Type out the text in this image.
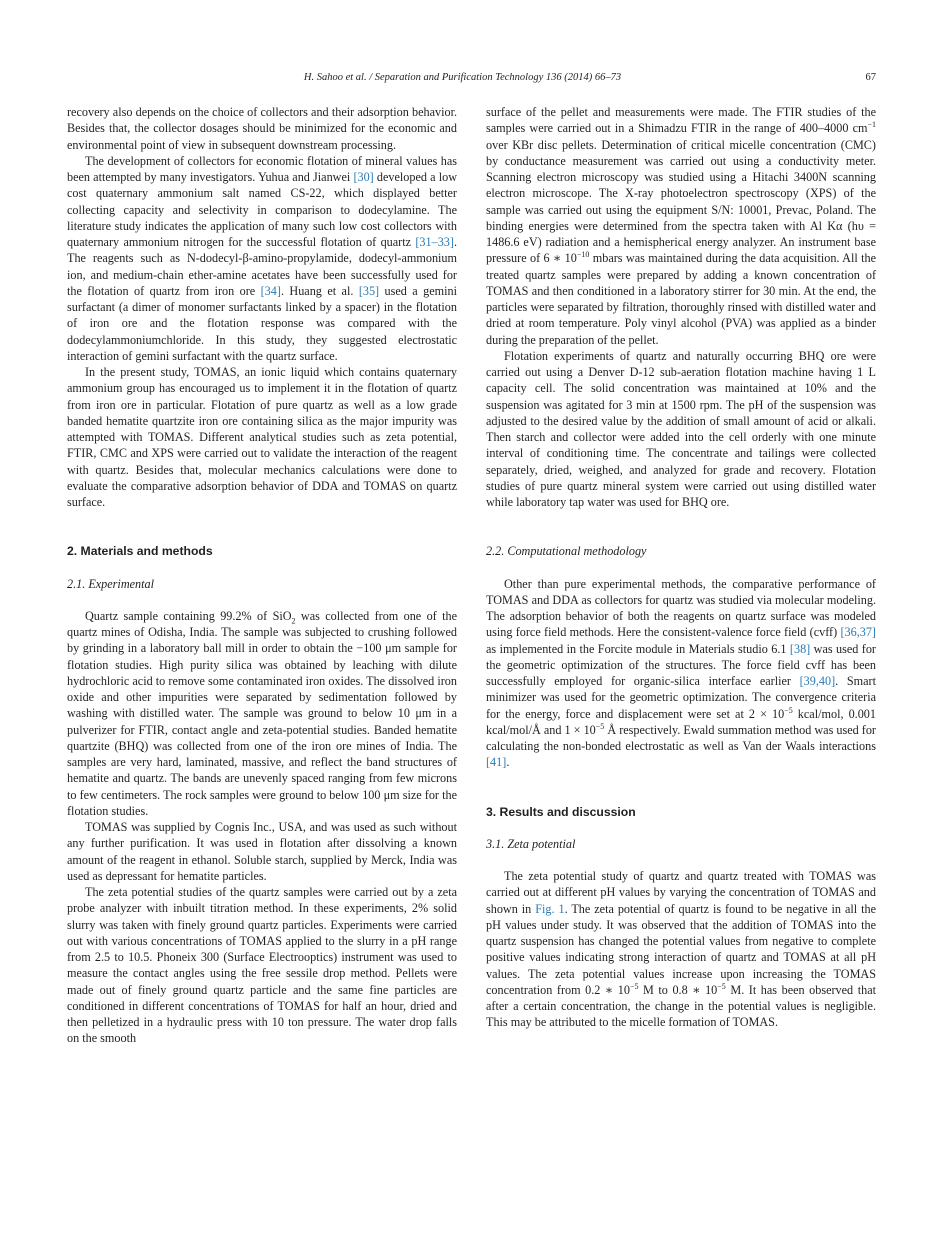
H. Sahoo et al. / Separation and Purification Technology 136 (2014) 66–73	67

recovery also depends on the choice of collectors and their adsorption behavior. Besides that, the collector dosages should be minimized for the economic and environmental point of view in subsequent downstream processing.

The development of collectors for economic flotation of mineral values has been attempted by many investigators. Yuhua and Jianwei [30] developed a low cost quaternary ammonium salt named CS-22, which displayed better collecting capacity and selectivity in comparison to dodecylamine. The literature study indicates the application of many such low cost collectors with quaternary ammonium nitrogen for the successful flotation of quartz [31–33]. The reagents such as N-dodecyl-β-amino-propylamide, dodecyl-ammonium ion, and medium-chain ether-amine acetates have been successfully used for the flotation of quartz from iron ore [34]. Huang et al. [35] used a gemini surfactant (a dimer of monomer surfactants linked by a spacer) in the flotation of iron ore and the flotation response was compared with the dodecylammoniumchloride. In this study, they suggested electrostatic interaction of gemini surfactant with the quartz surface.

In the present study, TOMAS, an ionic liquid which contains quaternary ammonium group has encouraged us to implement it in the flotation of quartz from iron ore in particular. Flotation of pure quartz as well as a low grade banded hematite quartzite iron ore containing silica as the major impurity was attempted with TOMAS. Different analytical studies such as zeta potential, FTIR, CMC and XPS were carried out to validate the interaction of the reagent with quartz. Besides that, molecular mechanics calculations were done to evaluate the comparative adsorption behavior of DDA and TOMAS on quartz surface.

2. Materials and methods
2.1. Experimental

Quartz sample containing 99.2% of SiO$_2$ was collected from one of the quartz mines of Odisha, India. The sample was subjected to crushing followed by grinding in a laboratory ball mill in order to obtain the −100 μm sample for flotation studies. High purity silica was obtained by leaching with dilute hydrochloric acid to remove some contaminated iron oxides. The dissolved iron oxide and other impurities were separated by sedimentation followed by washing with distilled water. The sample was ground to below 10 μm in a pulverizer for FTIR, contact angle and zeta-potential studies. Banded hematite quartzite (BHQ) was collected from one of the iron ore mines of India. The samples are very hard, laminated, massive, and reflect the band structures of hematite and quartz. The bands are unevenly spaced ranging from few microns to few centimeters. The rock samples were ground to below 100 μm size for the flotation studies.

TOMAS was supplied by Cognis Inc., USA, and was used as such without any further purification. It was used in flotation after dissolving a known amount of the reagent in ethanol. Soluble starch, supplied by Merck, India was used as depressant for hematite particles.

The zeta potential studies of the quartz samples were carried out by a zeta probe analyzer with inbuilt titration method. In these experiments, 2% solid slurry was taken with finely ground quartz particles. Experiments were carried out with various concentrations of TOMAS applied to the slurry in a pH range from 2.5 to 10.5. Phoneix 300 (Surface Electrooptics) instrument was used to measure the contact angles using the free sessile drop method. Pellets were made out of finely ground quartz particle and the same fine particles are conditioned in different concentrations of TOMAS for half an hour, dried and then pelletized in a hydraulic press with 10 ton pressure. The water drop falls on the smooth

surface of the pellet and measurements were made. The FTIR studies of the samples were carried out in a Shimadzu FTIR in the range of 400–4000 $cm^{-1}$ over KBr disc pellets. Determination of critical micelle concentration (CMC) by conductance measurement was carried out using a conductivity meter. Scanning electron microscopy was studied using a Hitachi 3400N scanning electron microscope. The X-ray photoelectron spectroscopy (XPS) of the sample was carried out using the equipment S/N: 10001, Prevac, Poland. The binding energies were determined from the spectra taken with Al Kα (hυ = 1486.6 eV) radiation and a hemispherical energy analyzer. An instrument base pressure of 6 ∗ $10^{-10}$ mbars was maintained during the data acquisition. All the treated quartz samples were prepared by adding a known concentration of TOMAS and then conditioned in a laboratory stirrer for 30 min. At the end, the particles were separated by filtration, thoroughly rinsed with distilled water and dried at room temperature. Poly vinyl alcohol (PVA) was applied as a binder during the preparation of the pellet.

Flotation experiments of quartz and naturally occurring BHQ ore were carried out using a Denver D-12 sub-aeration flotation machine having 1 L capacity cell. The solid concentration was maintained at 10% and the suspension was agitated for 3 min at 1500 rpm. The pH of the suspension was adjusted to the desired value by the addition of small amount of acid or alkali. Then starch and collector were added into the cell orderly with one minute interval of conditioning time. The concentrate and tailings were collected separately, dried, weighed, and analyzed for grade and recovery. Flotation studies of pure quartz mineral system were carried out using distilled water while laboratory tap water was used for BHQ ore.

2.2. Computational methodology

Other than pure experimental methods, the comparative performance of TOMAS and DDA as collectors for quartz was studied via molecular modeling. The adsorption behavior of both the reagents on quartz surface was modeled using force field methods. Here the consistent-valence force field (cvff) [36,37] as implemented in the Forcite module in Materials studio 6.1 [38] was used for the geometric optimization of the structures. The force field cvff has been successfully employed for organic-silica interface earlier [39,40]. Smart minimizer was used for the geometric optimization. The convergence criteria for the energy, force and displacement were set at $2 \times 10^{-5}$ kcal/mol, 0.001 kcal/mol/Å and $1 \times 10^{-5}$ Å respectively. Ewald summation method was used for calculating the non-bonded electrostatic as well as Van der Waals interactions [41].

3. Results and discussion
3.1. Zeta potential

The zeta potential study of quartz and quartz treated with TOMAS was carried out at different pH values by varying the concentration of TOMAS and shown in Fig. 1. The zeta potential of quartz is found to be negative in all the pH values under study. It was observed that the addition of TOMAS into the quartz suspension has changed the potential values from negative to complete positive values indicating strong interaction of quartz and TOMAS at all pH values. The zeta potential values increase upon increasing the TOMAS concentration from 0.2 ∗ $10^{-5}$ M to 0.8 ∗ $10^{-5}$ M. It has been observed that after a certain concentration, the change in the potential values is negligible. This may be attributed to the micelle formation of TOMAS.
